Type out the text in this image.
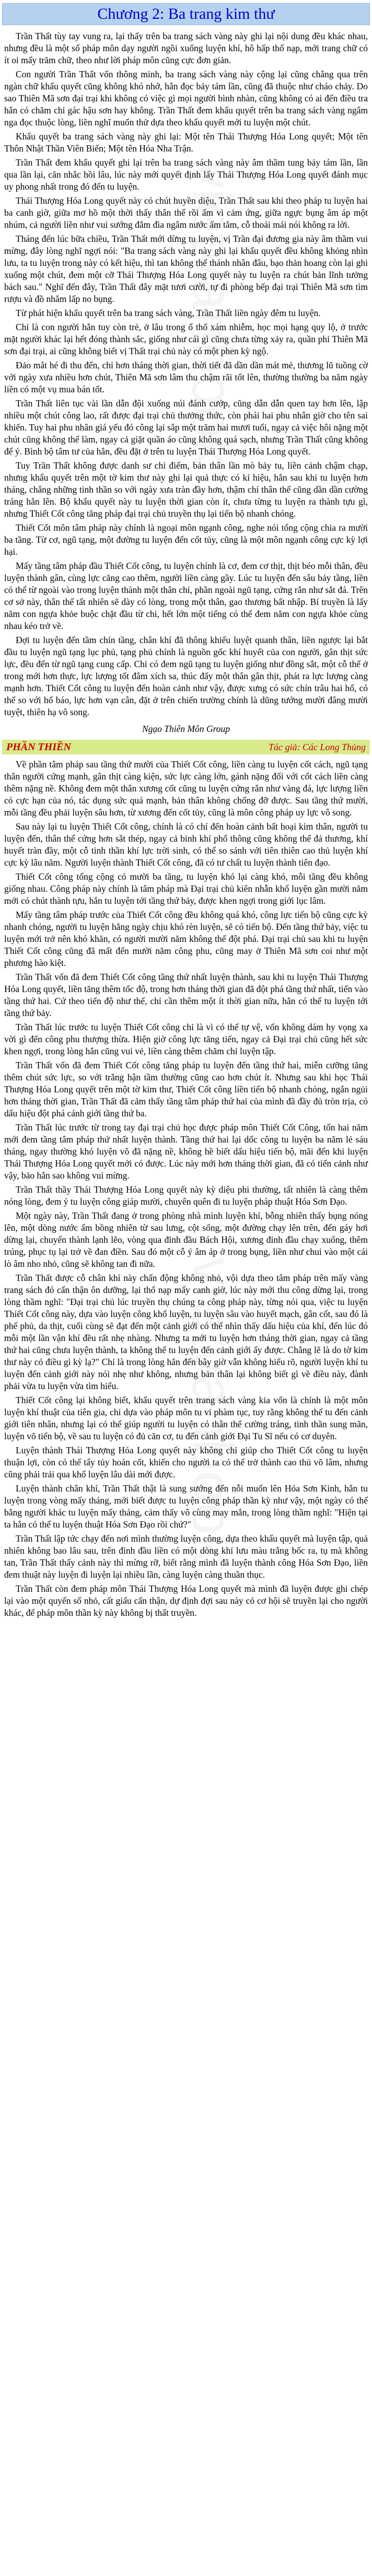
vietvanbook
vietvanbook
Chương 2: Ba trang kim thư

Trần Thất tùy tay vung ra, lại thấy trên ba trang sách vàng này ghi lại nội dung đều khác nhau, nhưng đều là một số pháp môn dạy người ngồi xuống luyện khí, hô hấp thổ nạp, mới trang chữ có ít oi mấy trăm chữ, theo như lời pháp môn cũng cực đơn giản.

Con người Trần Thất vốn thông minh, ba trang sách vàng này cộng lại cũng chẳng qua trên ngàn chữ khẩu quyết cũng không khó nhớ, hắn đọc bảy tám lần, cũng đã thuộc như cháo chảy. Do sao Thiên Mã sơn đại trại khi không có việc gì mọi người bình nhàn, cũng không có ai đến điều tra hắn có chăm chỉ gác hậu sơn hay không. Trần Thất đem khẩu quyết trên ba trang sách vàng ngâm nga đọc thuộc lòng, liền nghĩ muốn thử dựa theo khẩu quyết mới tu luyện một chút.

Khẩu quyết ba trang sách vàng này ghi lại: Một tên Thái Thượng Hóa Long quyết; Một tên Thôn Nhật Thần Viên Biến; Một tên Hóa Nha Trận.

Trần Thất đem khẩu quyết ghi lại trên ba trang sách vàng này âm thầm tung bảy tám lần, lần qua lần lại, căn nhắc hồi lâu, lúc này mới quyết định lấy Thái Thượng Hóa Long quyết đánh mục uy phong nhất trong đó đến tu luyện.

Thái Thượng Hóa Long quyết này có chút huyền diệu, Trần Thất sau khi theo pháp tu luyện hai ba canh giờ, giữa mơ hồ một thời thấy thân thể rồi ấm vì cảm ứng, giữa ngực bụng âm áp một nhúm, cả người liền như vui sướng đắm đìa ngâm nước ấm tắm, cỗ thoải mái nói không ra lời.

Tháng đến lúc bữa chiều, Trần Thất mới dừng tu luyện, vị Trần đại đương gia này âm thầm vui mừng, đây lòng nghĩ ngợi nói: "Ba trang sách vàng này ghi lại khẩu quyết đều không khỏng nhìn lưu, ta tu luyện trong này có kết hiệu, thì tan không thể thánh nhân đâu, bạo thản hoang còn lại ghi xuống một chút, đem một cỡ Thái Thượng Hóa Long quyết này tu luyện ra chút bản lĩnh tưởng bách sau." Nghĩ đến đây, Trần Thất đây mặt tươi cười, tự đi phòng bếp đại trại Thiên Mã sơn tìm rượu và đồ nhắm lấp no bụng.

Từ phát hiện khẩu quyết trên ba trang sách vàng, Trần Thất liền ngày đêm tu luyện.

Chỉ là con người hắn tuy còn trẻ, ở lâu trong ổ thổ xám nhiễm, học mọi hạng quy lộ, ở trước mặt người khác lại hết đóng thành sắc, giống như cái gì cũng chưa từng xảy ra, quần phỉ Thiên Mã sơn đại trại, ai cũng không biết vị Thất trại chủ này có một phen kỳ ngộ.

Đảo mắt hé đi thu đến, chỉ hơn tháng thời gian, thời tiết đã dần dần mát mẻ, thương lũ tuồng cờ với ngày xưa nhiều hơn chút, Thiên Mã sơn lâm thu chậm rãi tốt lên, thường thường ba năm ngày liền có một vụ mua bán tốt.

Trần Thất liên tục vài lần dẫn đội xuống núi đánh cướp, cũng dẫn dẫn quen tay hơn lên, lập nhiều một chút công lao, rất được đại trại chủ thưởng thức, còn phái hai phu nhân giờ cho tên sai khiến. Tuy hai phu nhân giá yếu đó công lại sắp một trăm hai mươi tuổi, ngay cả việc hôi nặng một chút cũng không thể làm, ngay cả giặt quần áo cũng không quá sạch, nhưng Trần Thất cũng không để ý. Bình bộ tâm tư của hắn, đều đặt ở trên tu luyện Thái Thượng Hóa Long quyết.

Tuy Trần Thất không được danh sư chỉ điểm, bản thân lần mò bảy tu, liền cảnh chậm chạp, nhưng khẩu quyết trên một tờ kim thư này ghi lại quả thực có kỉ hiệu, hắn sau khi tu luyện hơn tháng, chẳng những tinh thần so với ngày xưa tràn đầy hơn, thậm chí thân thể cũng dần dần cường tráng hẳn lên. Bộ khẩu quyết này tu luyện thời gian còn ít, chưa từng tu luyện ra thành tựu gì, nhưng Thiết Cốt công tăng pháp đại trại chủ truyền thụ lại tiến bộ nhanh chóng.

Thiết Cốt môn tâm pháp này chính là ngoại môn ngạnh công, nghe nói tổng cộng chia ra mười ba tầng. Từ cơ, ngũ tạng, một đường tu luyện đến cốt tủy, cũng là một môn ngạnh công cực kỳ lợi hại.

Mấy tầng tâm pháp đầu Thiết Cốt công, tu luyện chính là cơ, đem cơ thịt, thịt béo mỗi thân, đều luyện thành gân, cùng lực căng cao thêm, người liền càng gầy. Lúc tu luyện đến sâu bảy tầng, liền có thể từ ngoài vào trong luyện thành một thân chỉ, phần ngoài ngũ tạng, cứng rắn như sắt đá. Trên cơ sở này, thân thể tất nhiên sẽ dày có lòng, trong một thân, gao thương bất nhập. Bí truyền là lấy năm con ngựa khỏe buộc chặt đầu từ chi, hết lớn một tiếng có thể đem năm con ngựa khỏe cùng nhau kéo trở về.

Đợi tu luyện đến tầm chín tầng, chân khí đã thông khiếu luyệt quanh thân, liền ngược lại bắt đầu tu luyện ngũ tạng lục phủ, tạng phủ chính là nguồn gốc khí huyết của con người, gân thịt sức lực, đều đến từ ngũ tạng cung cấp. Chỉ có đem ngũ tạng tu luyện giống như đồng sắt, một cỗ thể ở trong mới hơn thực, lực lượng tốt đâm xích sa, thúc đẩy một thân gân thịt, phát ra lực lượng càng mạnh hơn. Thiết Cốt công tu luyện đến hoàn cảnh như vậy, được xưng có sức chín trâu hai hổ, có thể so với hổ báo, lực hơn vạn cân, đặt ở trên chiến trường chính là dũng tướng mười đâng mười tuyệt, thiên hạ vô song.

Ngạo Thiên Môn Group
PHẦN THIỀN	Tác giả: Các Long Thủng

Về phần tâm pháp sau tầng thứ mười của Thiết Cốt công, liền càng tu luyện cốt cách, ngũ tạng thân người cứng mạnh, gân thịt càng kiện, sức lực càng lớn, gánh nặng đối với cốt cách liền càng thêm nặng nề. Không đem một thân xương cốt cũng tu luyện cứng rắn như vàng đá, lực lượng liền có cực hạn của nó, tác dụng sức quá mạnh, bản thân không chống đỡ được. Sau tầng thứ mười, mỗi tầng đều phải luyện sâu hơn, từ xương đến cốt tủy, cũng là môn công pháp uy lực vô song.

Sau này lại tu luyện Thiết Cốt công, chính là có chí đến hoàn cảnh bất hoại kim thân, người tu luyện đến, thân thể cứng hơn sắt thép, ngay cả binh khí phổ thông cũng không thể đả thương, khí huyết tràn đầy, một cỗ tinh thần khí lực trời sinh, có thể so sánh với tiên thiên cao thủ luyện khí cực kỳ lâu năm. Người luyện thành Thiết Cốt công, đã có tư chất tu luyện thành tiên đạo.

Thiết Cốt công tổng cộng có mười ba tầng, tu luyện khó lại càng khó, mỗi tầng đều không giống nhau. Công pháp này chính là tâm pháp mà Đại trại chủ kiên nhẫn khổ luyện gần mười năm mới có chút thành tựu, hắn tu luyện tới tầng thứ bảy, được khen ngợi trong giới lục lâm.

Mấy tầng tâm pháp trước của Thiết Cốt công đều không quá khó, công lực tiến bộ cũng cực kỳ nhanh chóng, người tu luyện hằng ngày chịu khó rèn luyện, sẽ có tiến bộ. Đến tầng thứ bảy, việc tu luyện mới trở nên khó khăn, có người mười năm không thể đột phá. Đại trại chủ sau khi tu luyện Thiết Cốt công cũng đã mất đến mười năm công phu, cũng may ở Thiên Mã sơn coi như một phương hào kiệt.

Trần Thất vốn đã đem Thiết Cốt công tầng thứ nhất luyện thành, sau khi tu luyện Thái Thượng Hóa Long quyết, liền tăng thêm tốc độ, trong hơn tháng thời gian đã đột phá tầng thứ nhất, tiến vào tầng thứ hai. Cứ theo tiến độ như thế, chỉ cần thêm một ít thời gian nữa, hắn có thể tu luyện tới tầng thứ bảy.

Trần Thất lúc trước tu luyện Thiết Cốt công chỉ là vì có thể tự vệ, vốn không dám hy vọng xa vời gì đến công phu thượng thừa. Hiện giờ công lực tăng tiến, ngay cả Đại trại chủ cũng hết sức khen ngợi, trong lòng hắn cũng vui vẻ, liền càng thêm chăm chỉ luyện tập.

Trần Thất vốn đã đem Thiết Cốt công tăng pháp tu luyện đến tầng thứ hai, miễn cưỡng tăng thêm chút sức lực, so với trắng hận tầm thường cũng cao hơn chút ít. Nhưng sau khi học Thái Thượng Hóa Long quyết trên một tờ kim thư, Thiết Cốt công liền tiến bộ nhanh chóng, ngắn ngủi hơn tháng thời gian, Trần Thất đã cảm thấy tầng tâm pháp thứ hai của mình đã đầy đủ tròn trịa, có dấu hiệu đột phá cánh giới tầng thứ ba.

Trần Thất lúc trước từ trong tay đại trại chủ học được pháp môn Thiết Cốt Công, tốn hai năm mới đem tầng tâm pháp thứ nhất luyện thành. Tầng thứ hai lại dốc công tu luyện ba năm lẻ sáu tháng, ngay thường khó luyện võ đã nặng nề, không hề biết dấu hiệu tiến bộ, mãi đến khi luyện Thái Thượng Hóa Long quyết mới có được. Lúc này mới hơn tháng thời gian, đã có tiến cảnh như vậy, bảo hắn sao không vui mừng.

Trần Thất thầy Thái Thượng Hóa Long quyết này kỳ diệu phi thường, tất nhiên là càng thêm nóng lòng, đem ý tu luyện công giáp mười, chuyên quên đi tu luyện pháp thuật Hóa Sơn Đạo.

Một ngày này, Trần Thất đang ở trong phòng nhà mình luyện khí, bỗng nhiên thấy bụng nóng lên, một dòng nước ấm bồng nhiên từ sau lưng, cột sống, một đường chạy lên trên, đến gáy hơi dừng lại, chuyển thành lạnh lẽo, vòng qua đỉnh đầu Bách Hội, xương đỉnh đầu chạy xuống, thêm trúng, phục tụ lại trở về đan điền. Sau đó một cỗ ý âm áp ở trong bụng, liền như chui vào một cái lò âm nho nhỏ, cũng sẽ không tan đi nữa.

Trần Thất được cỗ chân khí này chấn động không nhỏ, vội dựa theo tâm pháp trên mấy vàng trang sách đó cẩn thận ôn dưỡng, lại thổ nạp mấy canh giờ, lúc này mới thu công dừng lại, trong lòng thầm nghĩ: "Đại trại chủ lúc truyền thụ chúng ta công pháp này, từng nói qua, việc tu luyện Thiết Cốt công này, dựa vào luyện công khổ luyện, tu luyện sâu vào huyết mạch, gân cốt, sau đó là phế phủ, da thịt, cuối cùng sẽ đạt đến một cảnh giới có thể nhìn thấy dấu hiệu của khí, đến lúc đó mỗi một lần vận khí đều rất nhẹ nhàng. Nhưng ta mới tu luyện hơn tháng thời gian, ngay cả tầng thứ hai cũng chưa luyện thành, ta không thể tu luyện đến cảnh giới ấy được. Chẳng lẽ là do tờ kim thư này có điều gì kỳ lạ?" Chỉ là trong lòng hắn đến bây giờ vẫn không hiểu rõ, người luyện khí tu luyện đến cảnh giới này nói nhẹ như không, nhưng bản thân lại không biết gì về điều này, đành phải vừa tu luyện vừa tìm hiểu.

Thiết Cốt công lại không biết, khẩu quyết trên trang sách vàng kia vốn là chính là một môn luyện khí thuật của tiên gia, chỉ dựa vào pháp môn tu vi phàm tục, tuy rằng không thể tu đến cảnh giới tiên nhân, nhưng lại có thể giúp người tu luyện có thân thể cường tráng, tinh thần sung mãn, luyện võ tiến bộ, về sau tu luyện có đủ căn cơ, tu đến cảnh giới Đại Tu Sĩ nếu có cơ duyên.

Luyện thành Thái Thượng Hóa Long quyết này không chỉ giúp cho Thiết Cốt công tu luyện thuận lợi, còn có thể tẩy tủy hoán cốt, khiến cho người ta có thể trở thành cao thủ võ lâm, nhưng cũng phải trải qua khổ luyện lâu dài mới được.

Luyện thành chân khí, Trần Thất thật là sung sướng đến nỗi muốn lên Hóa Sơn Kinh, hắn tu luyện trong vòng mấy tháng, mới biết được tu luyện công pháp thần kỳ như vậy, một ngày có thể bằng người khác tu luyện mấy tháng, cảm thấy vô cùng may mắn, trong lòng thầm nghĩ: "Hiện tại ta hẳn có thể tu luyện thuật Hóa Sơn Đạo rồi chứ?"

Trần Thất lập tức chạy đến nơi mình thường luyện công, dựa theo khẩu quyết mà luyện tập, quả nhiên không bao lâu sau, trên đỉnh đầu liền có một dòng khí lưu màu trắng bốc ra, tụ mà không tan, Trần Thất thấy cảnh này thì mừng rỡ, biết rằng mình đã luyện thành công Hóa Sơn Đạo, liền đem thuật này luyện đi luyện lại nhiều lần, càng luyện càng thuần thục.

Trần Thất còn đem pháp môn Thái Thượng Hóa Long quyết mà mình đã luyện được ghi chép lại vào một quyển sổ nhỏ, cất giấu cẩn thận, dự định đợi sau này có cơ hội sẽ truyền lại cho người khác, để pháp môn thần kỳ này không bị thất truyền.
